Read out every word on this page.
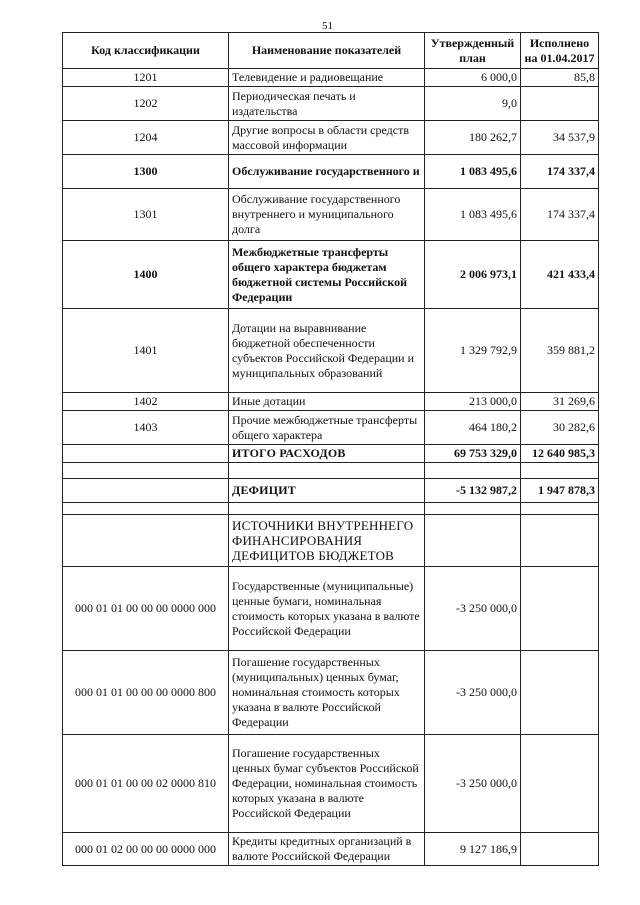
51
Код классификации	Наименование показателей	Утвержденный план	Исполнено на 01.04.2017
1201	Телевидение и радиовещание	6 000,0	85,8
1202	Периодическая печать и издательства	9,0	
1204	Другие вопросы в области средств массовой информации	180 262,7	34 537,9
1300	Обслуживание государственного и	1 083 495,6	174 337,4
1301	Обслуживание государственного внутреннего и муниципального долга	1 083 495,6	174 337,4
1400	Межбюджетные трансферты общего характера бюджетам бюджетной системы Российской Федерации	2 006 973,1	421 433,4
1401	Дотации на выравнивание бюджетной обеспеченности субъектов Российской Федерации и муниципальных образований	1 329 792,9	359 881,2
1402	Иные дотации	213 000,0	31 269,6
1403	Прочие межбюджетные трансферты общего характера	464 180,2	30 282,6
	ИТОГО РАСХОДОВ	69 753 329,0	12 640 985,3

	ДЕФИЦИТ	-5 132 987,2	1 947 878,3

	ИСТОЧНИКИ ВНУТРЕННЕГО ФИНАНСИРОВАНИЯ ДЕФИЦИТОВ БЮДЖЕТОВ		
000 01 01 00 00 00 0000 000	Государственные (муниципальные) ценные бумаги, номинальная стоимость которых указана в валюте Российской Федерации	-3 250 000,0	
000 01 01 00 00 00 0000 800	Погашение государственных (муниципальных) ценных бумаг, номинальная стоимость которых указана в валюте Российской Федерации	-3 250 000,0	
000 01 01 00 00 02 0000 810	Погашение государственных ценных бумаг субъектов Российской Федерации, номинальная стоимость которых указана в валюте Российской Федерации	-3 250 000,0	
000 01 02 00 00 00 0000 000	Кредиты кредитных организаций в валюте Российской Федерации	9 127 186,9	
